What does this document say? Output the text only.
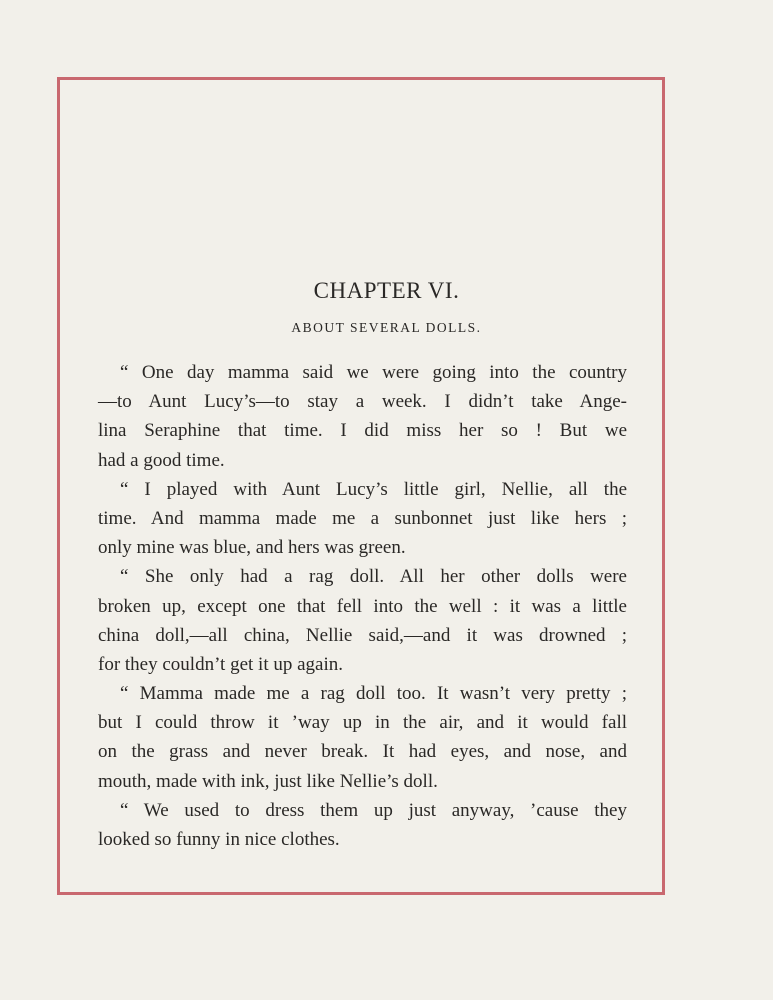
CHAPTER VI.
ABOUT SEVERAL DOLLS.
“ One day mamma said we were going into the country
—to Aunt Lucy’s—to stay a week. I didn’t take Ange-
lina Seraphine that time. I did miss her so ! But we
had a good time.
“ I played with Aunt Lucy’s little girl, Nellie, all the
time. And mamma made me a sunbonnet just like hers ;
only mine was blue, and hers was green.
“ She only had a rag doll. All her other dolls were
broken up, except one that fell into the well : it was a little
china doll,—all china, Nellie said,—and it was drowned ;
for they couldn’t get it up again.
“ Mamma made me a rag doll too. It wasn’t very pretty ;
but I could throw it ’way up in the air, and it would fall
on the grass and never break. It had eyes, and nose, and
mouth, made with ink, just like Nellie’s doll.
“ We used to dress them up just anyway, ’cause they
looked so funny in nice clothes.
